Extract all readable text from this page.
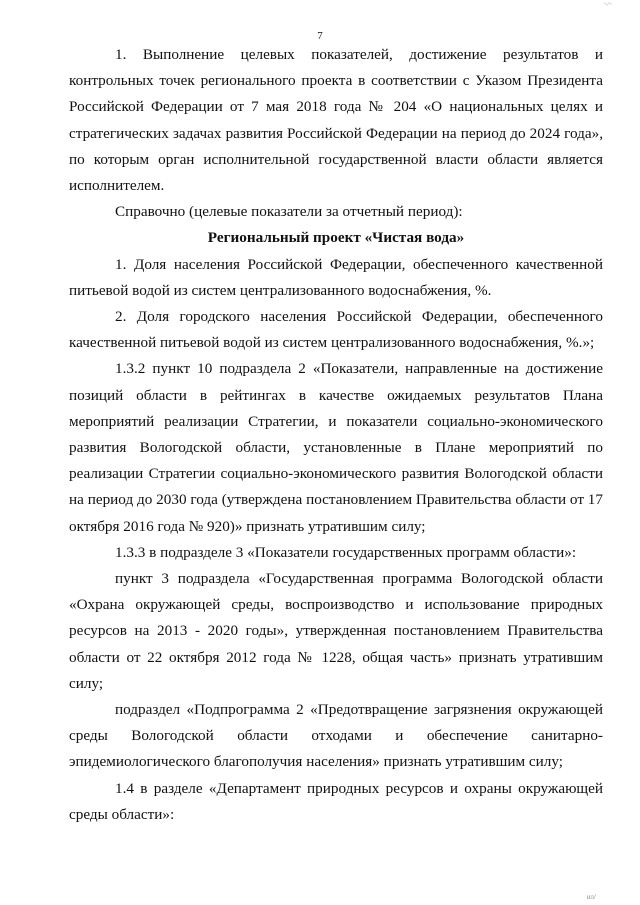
~/~
7

1. Выполнение целевых показателей, достижение результатов и контрольных точек регионального проекта в соответствии с Указом Президента Российской Федерации от 7 мая 2018 года № 204 «О национальных целях и стратегических задачах развития Российской Федерации на период до 2024 года», по которым орган исполнительной государственной власти области является исполнителем.

Справочно (целевые показатели за отчетный период):

Региональный проект «Чистая вода»

1. Доля населения Российской Федерации, обеспеченного качественной питьевой водой из систем централизованного водоснабжения, %.

2. Доля городского населения Российской Федерации, обеспеченного качественной питьевой водой из систем централизованного водоснабжения, %.»;

1.3.2 пункт 10 подраздела 2 «Показатели, направленные на достижение позиций области в рейтингах в качестве ожидаемых результатов Плана мероприятий реализации Стратегии, и показатели социально-экономического развития Вологодской области, установленные в Плане мероприятий по реализации Стратегии социально-экономического развития Вологодской области на период до 2030 года (утверждена постановлением Правительства области от 17 октября 2016 года № 920)» признать утратившим силу;

1.3.3 в подразделе 3 «Показатели государственных программ области»:

пункт 3 подраздела «Государственная программа Вологодской области «Охрана окружающей среды, воспроизводство и использование природных ресурсов на 2013 - 2020 годы», утвержденная постановлением Правительства области от 22 октября 2012 года № 1228, общая часть» признать утратившим силу;

подраздел «Подпрограмма 2 «Предотвращение загрязнения окружающей среды Вологодской области отходами и обеспечение санитарно-эпидемиологического благополучия населения» признать утратившим силу;

1.4 в разделе «Департамент природных ресурсов и охраны окружающей среды области»:

ил/
